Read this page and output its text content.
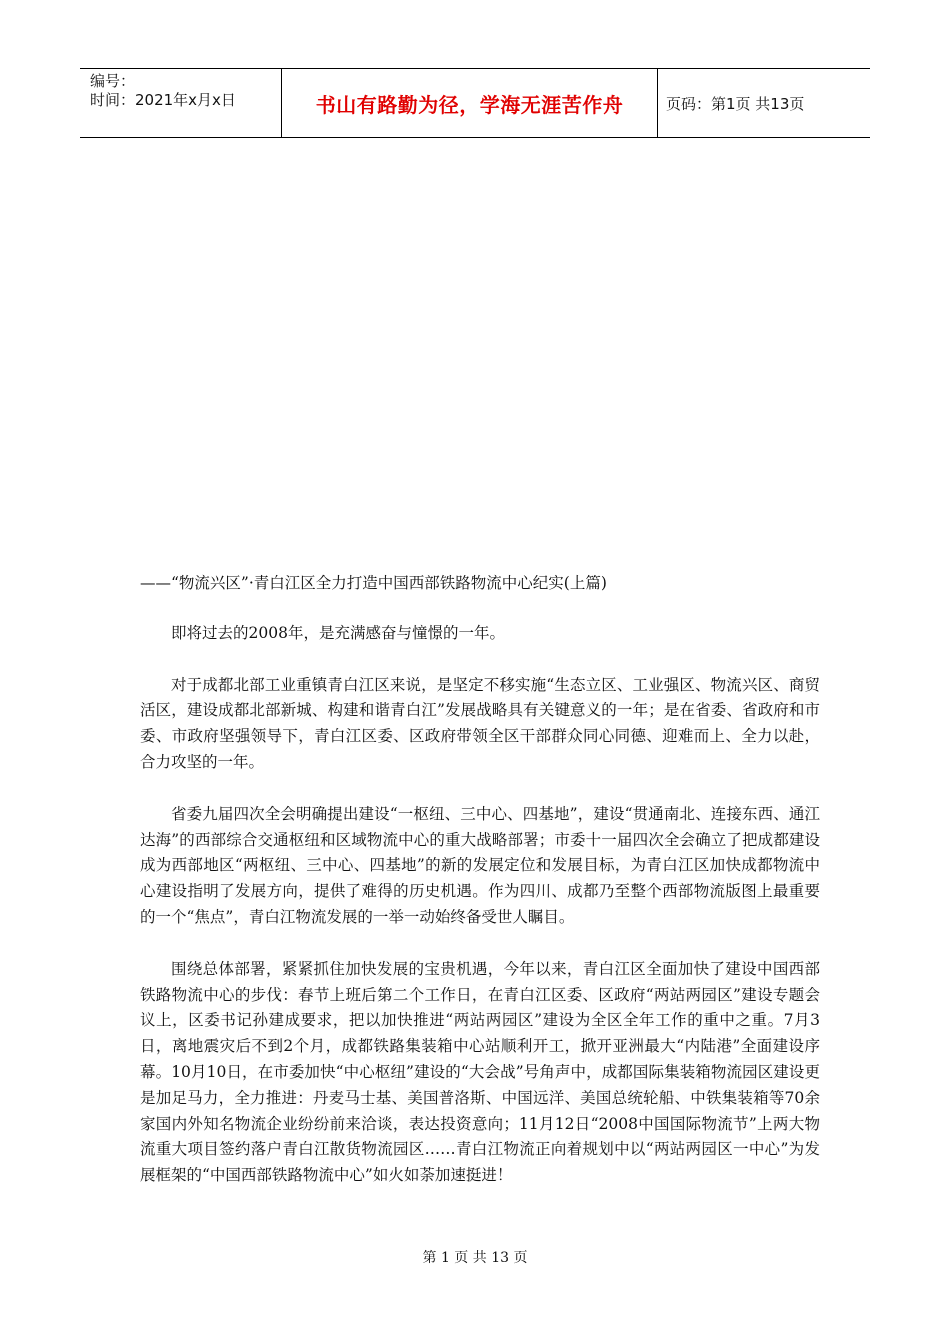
编号：
时间：2021年x月x日	书山有路勤为径，学海无涯苦作舟	页码：第1页 共13页

——“物流兴区”·青白江区全力打造中国西部铁路物流中心纪实(上篇)

即将过去的2008年，是充满感奋与憧憬的一年。

对于成都北部工业重镇青白江区来说，是坚定不移实施“生态立区、工业强区、物流兴区、商贸活区，建设成都北部新城、构建和谐青白江”发展战略具有关键意义的一年；是在省委、省政府和市委、市政府坚强领导下，青白江区委、区政府带领全区干部群众同心同德、迎难而上、全力以赴，合力攻坚的一年。

省委九届四次全会明确提出建设“一枢纽、三中心、四基地”，建设“贯通南北、连接东西、通江达海”的西部综合交通枢纽和区域物流中心的重大战略部署；市委十一届四次全会确立了把成都建设成为西部地区“两枢纽、三中心、四基地”的新的发展定位和发展目标，为青白江区加快成都物流中心建设指明了发展方向，提供了难得的历史机遇。作为四川、成都乃至整个西部物流版图上最重要的一个“焦点”，青白江物流发展的一举一动始终备受世人瞩目。

围绕总体部署，紧紧抓住加快发展的宝贵机遇，今年以来，青白江区全面加快了建设中国西部铁路物流中心的步伐：春节上班后第二个工作日，在青白江区委、区政府“两站两园区”建设专题会议上，区委书记孙建成要求，把以加快推进“两站两园区”建设为全区全年工作的重中之重。7月3日，离地震灾后不到2个月，成都铁路集装箱中心站顺利开工，掀开亚洲最大“内陆港”全面建设序幕。10月10日，在市委加快“中心枢纽”建设的“大会战”号角声中，成都国际集装箱物流园区建设更是加足马力，全力推进：丹麦马士基、美国普洛斯、中国远洋、美国总统轮船、中铁集装箱等70余家国内外知名物流企业纷纷前来洽谈，表达投资意向；11月12日“2008中国国际物流节”上两大物流重大项目签约落户青白江散货物流园区……青白江物流正向着规划中以“两站两园区一中心”为发展框架的“中国西部铁路物流中心”如火如荼加速挺进！

第 1 页 共 13 页
